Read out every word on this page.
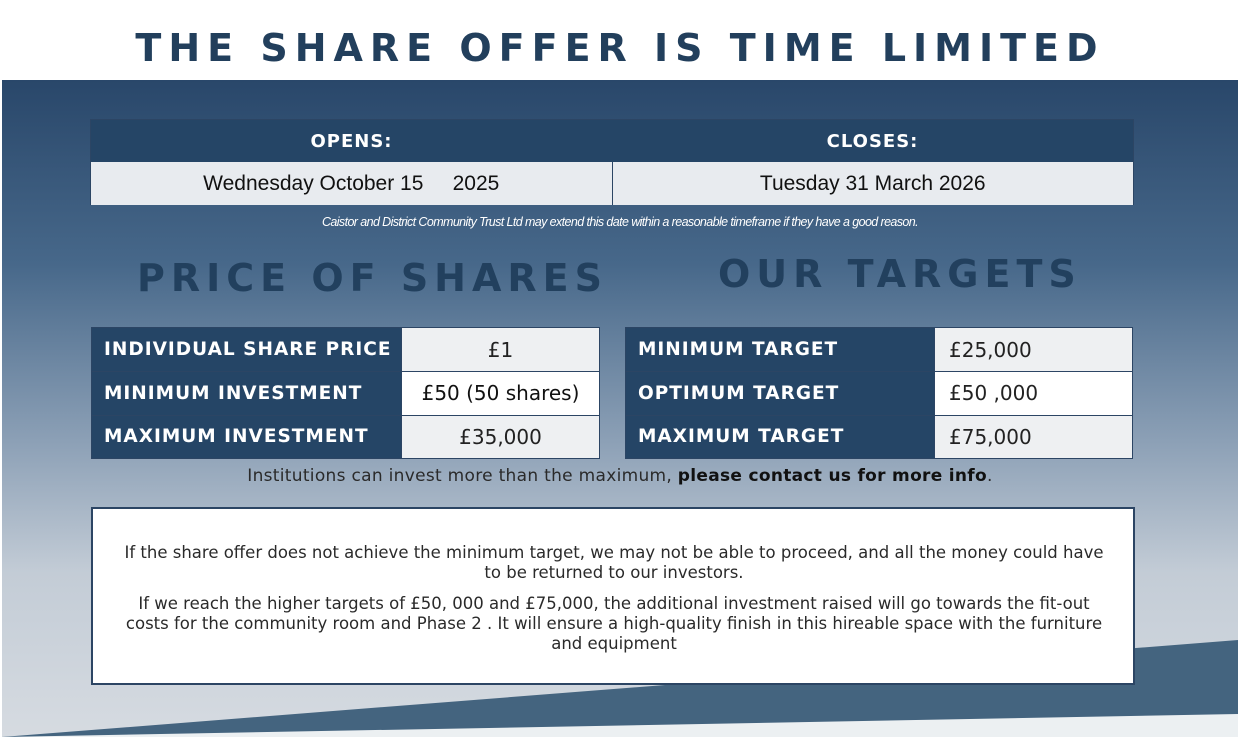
THE SHARE OFFER IS TIME LIMITED
OPENS:	CLOSES:
Wednesday October 15     2025	Tuesday 31 March 2026
Caistor and District Community Trust Ltd may extend this date within a reasonable timeframe if they have a good reason.
PRICE OF SHARES	OUR TARGETS
INDIVIDUAL SHARE PRICE	£1
MINIMUM INVESTMENT	£50 (50 shares)
MAXIMUM INVESTMENT	£35,000
MINIMUM TARGET	£25,000
OPTIMUM TARGET	£50 ,000
MAXIMUM TARGET	£75,000
Institutions can invest more than the maximum, please contact us for more info.

If the share offer does not achieve the minimum target, we may not be able to proceed, and all the money could have to be returned to our investors.

If we reach the higher targets of £50, 000 and £75,000, the additional investment raised will go towards the fit-out costs for the community room and Phase 2 . It will ensure a high-quality finish in this hireable space with the furniture and equipment
